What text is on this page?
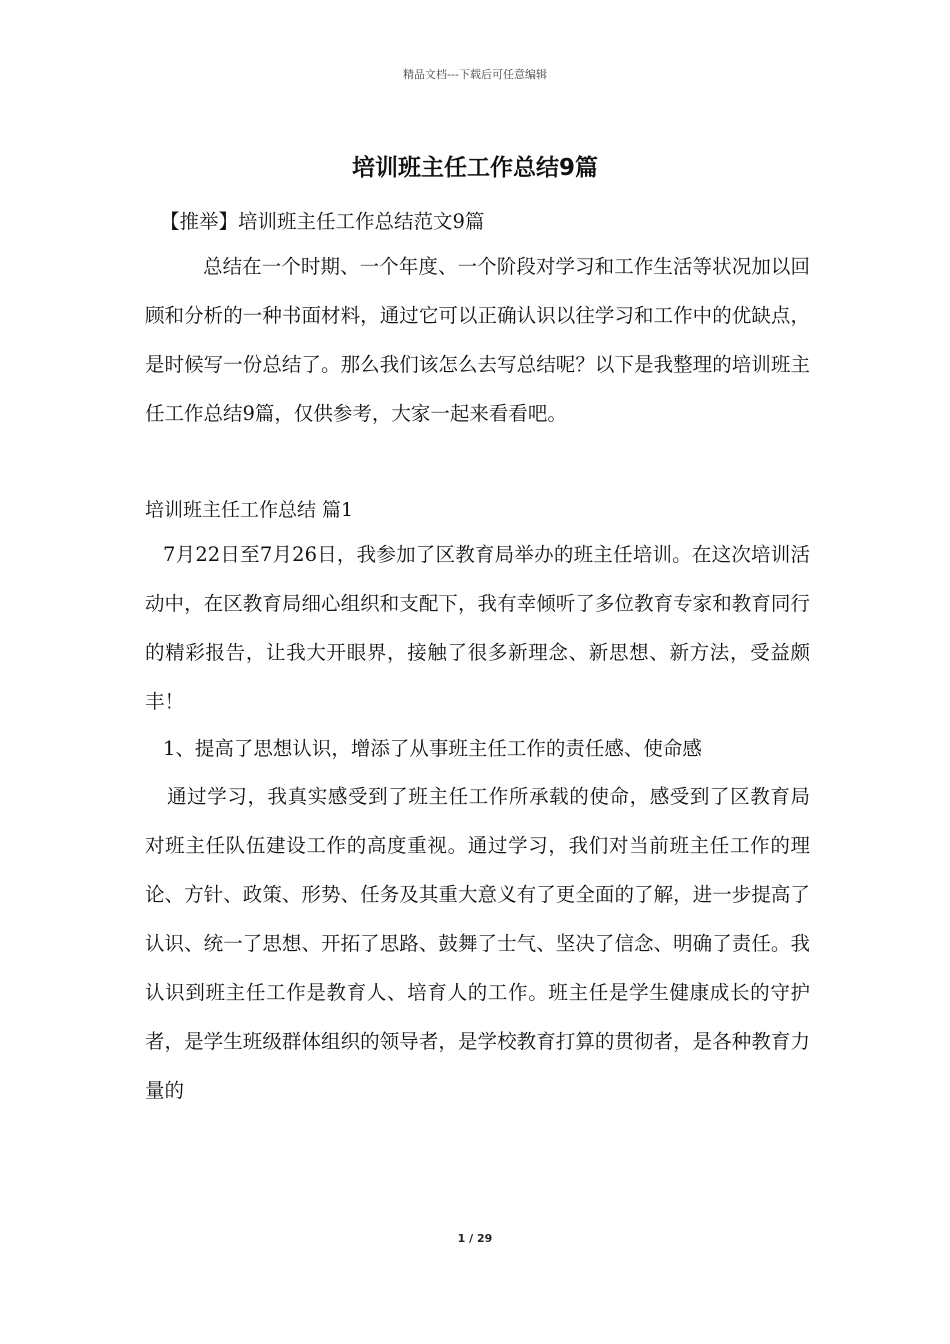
精品文档---下载后可任意编辑
培训班主任工作总结9篇

【推举】培训班主任工作总结范文9篇

总结在一个时期、一个年度、一个阶段对学习和工作生活等状况加以回顾和分析的一种书面材料，通过它可以正确认识以往学习和工作中的优缺点，是时候写一份总结了。那么我们该怎么去写总结呢？以下是我整理的培训班主任工作总结9篇，仅供参考，大家一起来看看吧。

培训班主任工作总结 篇1

7月22日至7月26日，我参加了区教育局举办的班主任培训。在这次培训活动中，在区教育局细心组织和支配下，我有幸倾听了多位教育专家和教育同行的精彩报告，让我大开眼界，接触了很多新理念、新思想、新方法，受益颇丰！

1、提高了思想认识，增添了从事班主任工作的责任感、使命感

通过学习，我真实感受到了班主任工作所承载的使命，感受到了区教育局对班主任队伍建设工作的高度重视。通过学习，我们对当前班主任工作的理论、方针、政策、形势、任务及其重大意义有了更全面的了解，进一步提高了认识、统一了思想、开拓了思路、鼓舞了士气、坚决了信念、明确了责任。我认识到班主任工作是教育人、培育人的工作。班主任是学生健康成长的守护者，是学生班级群体组织的领导者，是学校教育打算的贯彻者，是各种教育力量的

1 / 29
